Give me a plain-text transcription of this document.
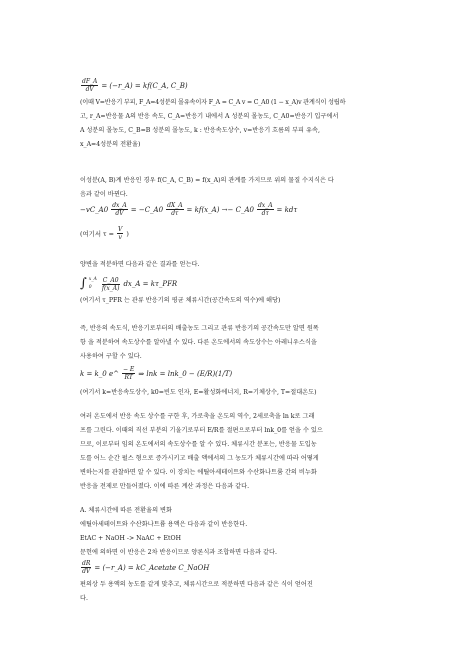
$\frac{dF\_A}{dV}$ = (−r_A) = kf(C_A, C_B)
(이때 V=반응기 부피, F_A=4성분의 몰유속이자 F_A = C_A v = C_A0 (1 − x_A)v 관계식이 성립하
고, r_A=반응물 A의 반응 속도, C_A=반응기 내에서 A 성분의 몰농도, C_A0=반응기 입구에서
A 성분의 몰농도, C_B=B 성분의 몰농도, k : 반응속도상수, v=반응기 흐름의 부피 유속,
x_A=4성분의 전환율)
이성분(A, B)계 반응인 경우 f(C_A, C_B) = f(x_A)의 관계를 가지므로 위의 물질 수지식은 다
음과 같이 바뀐다.
−vC_A0 $\frac{dx\_A}{dV}$ = −C_A0 $\frac{dX\_A}{d\tau}$ = kf(x_A) →− C_A0 $\frac{dx\_A}{d\tau} = kd\tau$
(여기서 $\tau = \frac{V}{v}$ )
양변을 적분하면 다음과 같은 결과를 얻는다.
∫ x_A
0	$\frac{C\_A0}{f(x\_A)}$ dx_A = kτ_PFR
(여기서 τ_PFR 는 관류 반응기의 평균 체류시간(공간속도의 역수)에 해당)
즉, 반응의 속도식, 반응기로부터의 배출농도 그리고 관류 반응기의 공간속도만 알면 원폭
항 을 적분하여 속도상수를 알아낼 수 있다. 다른 온도에서의 속도상수는 아레니우스식을
사용하여 구할 수 있다.
k = k_0 e^ $\frac{- E}{RT}$ ⇒ lnk = lnk_0 − (E/R)(1/T)
(여기서 k=반응속도상수, k0=빈도 인자, E=활성화에너지, R=기체상수, T=절대온도)
여러 온도에서 반응 속도 상수를 구한 후, 가로축을 온도의 역수, 2세로축을 ln k로 그래
프를 그린다. 이때의 직선 부분의 기울기로부터 E/R를 절편으로부터 lnk_0를 얻을 수 있으
므로, 이로부터 임의 온도에서의 속도상수를 알 수 있다. 체류시간 분포는, 반응물 도입농
도를 어느 순간 펄스 형으로 증가시키고 배출 액에서의 그 농도가 체류시간에 따라 어떻게
변하는지를 관찰하면 알 수 있다. 이 장치는 에틸아세테이트와 수산화나트륨 간의 비누화
반응을 전제로 만들어졌다. 이에 따른 계산 과정은 다음과 같다.
A. 체류시간에 따른 전환율의 변화
에틸아세테이트와 수산화나트륨 용액은 다음과 같이 반응한다.
EtAC + NaOH -> NaAC + EtOH
문헌에 의하면 이 반응은 2차 반응이므로 양론식과 조합하면 다음과 같다.
$\frac{dR}{dV}$ = (−r_A) = kC_Acetate C_NaOH
편의상 두 용액의 농도를 같게 맞추고, 체류시간으로 적분하면 다음과 같은 식이 얻어진
다.
